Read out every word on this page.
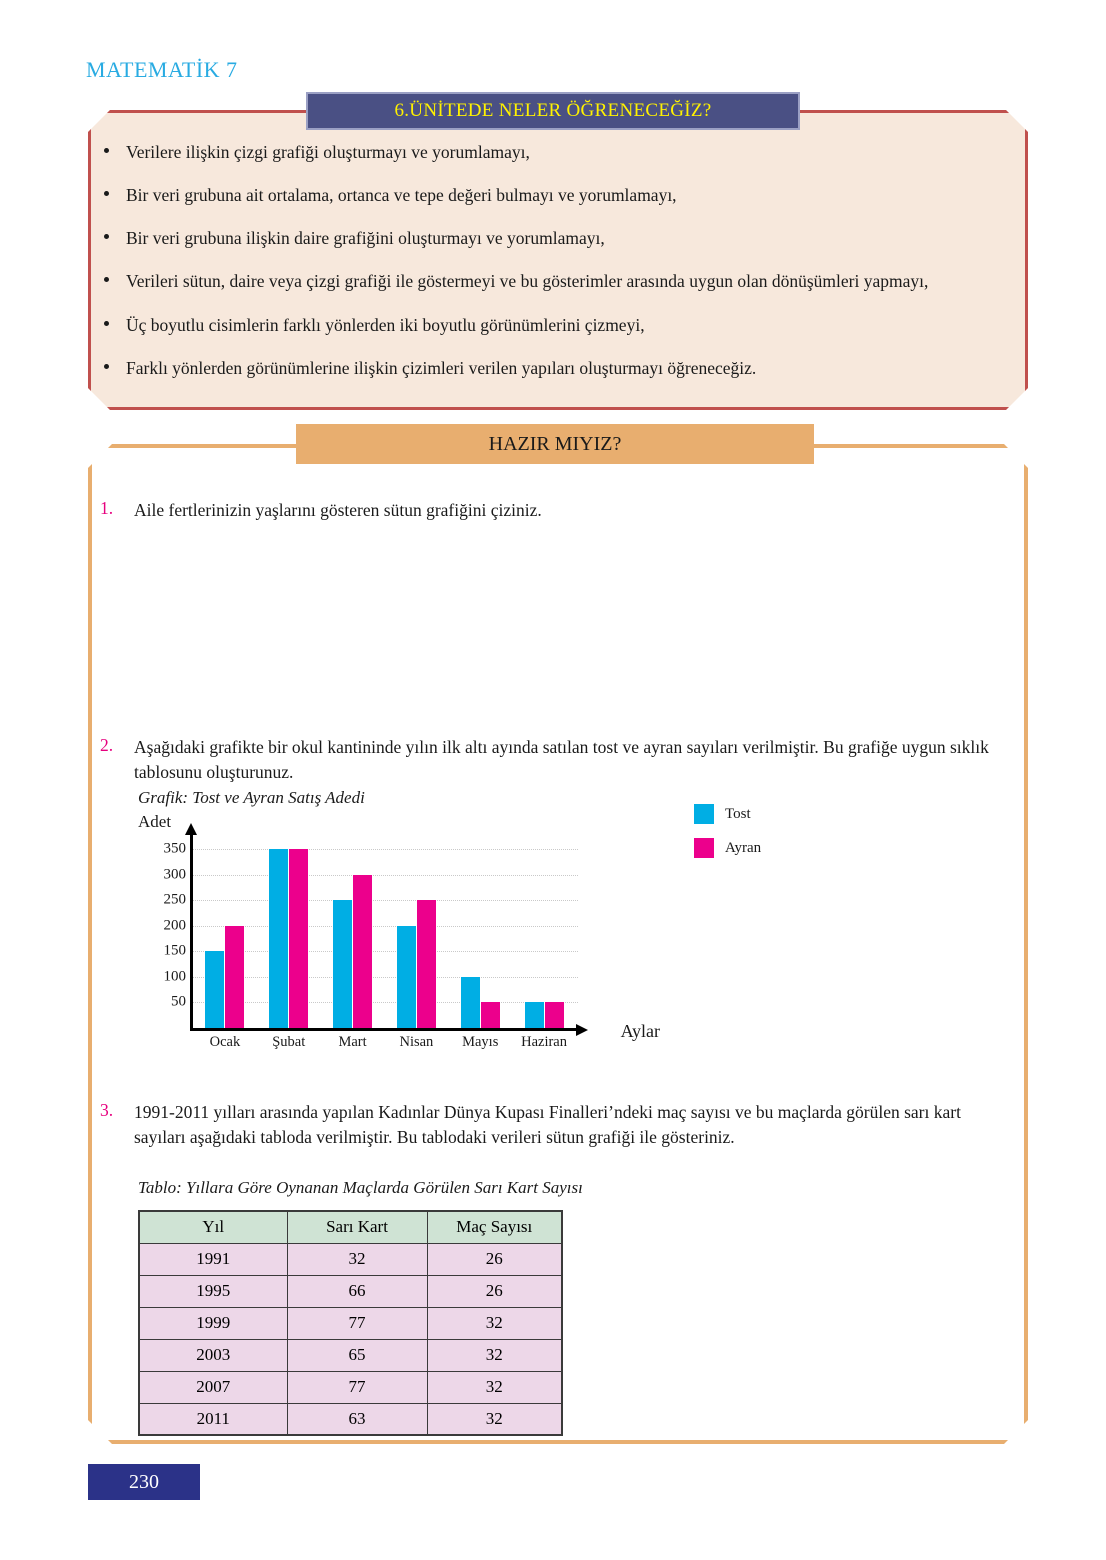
MATEMATİK 7
6.ÜNİTEDE NELER ÖĞRENECEĞİZ?
Verilere ilişkin çizgi grafiği oluşturmayı ve yorumlamayı,
Bir veri grubuna ait ortalama, ortanca ve tepe değeri bulmayı ve yorumlamayı,
Bir veri grubuna ilişkin daire grafiğini oluşturmayı ve yorumlamayı,
Verileri sütun, daire veya çizgi grafiği ile göstermeyi ve bu gösterimler arasında uygun olan dönüşümleri yapmayı,
Üç boyutlu cisimlerin farklı yönlerden iki boyutlu görünümlerini çizmeyi,
Farklı yönlerden görünümlerine ilişkin çizimleri verilen yapıları oluşturmayı öğreneceğiz.
HAZIR MIYIZ?
1.	Aile fertlerinizin yaşlarını gösteren sütun grafiğini çiziniz.
2.	Aşağıdaki grafikte bir okul kantininde yılın ilk altı ayında satılan tost ve ayran sayıları verilmiştir. Bu grafiğe uygun sıklık tablosunu oluşturunuz.
Grafik: Tost ve Ayran Satış Adedi
Adet
Aylar
50
100
150
200
250
300
350
Ocak	Şubat	Mart	Nisan	Mayıs	Haziran
Tost
Ayran
3.	1991-2011 yılları arasında yapılan Kadınlar Dünya Kupası Finalleri’ndeki maç sayısı ve bu maçlarda görülen sarı kart sayıları aşağıdaki tabloda verilmiştir. Bu tablodaki verileri sütun grafiği ile gösteriniz.
Tablo: Yıllara Göre Oynanan Maçlarda Görülen Sarı Kart Sayısı
Yıl	Sarı Kart	Maç Sayısı
1991	32	26
1995	66	26
1999	77	32
2003	65	32
2007	77	32
2011	63	32
230
